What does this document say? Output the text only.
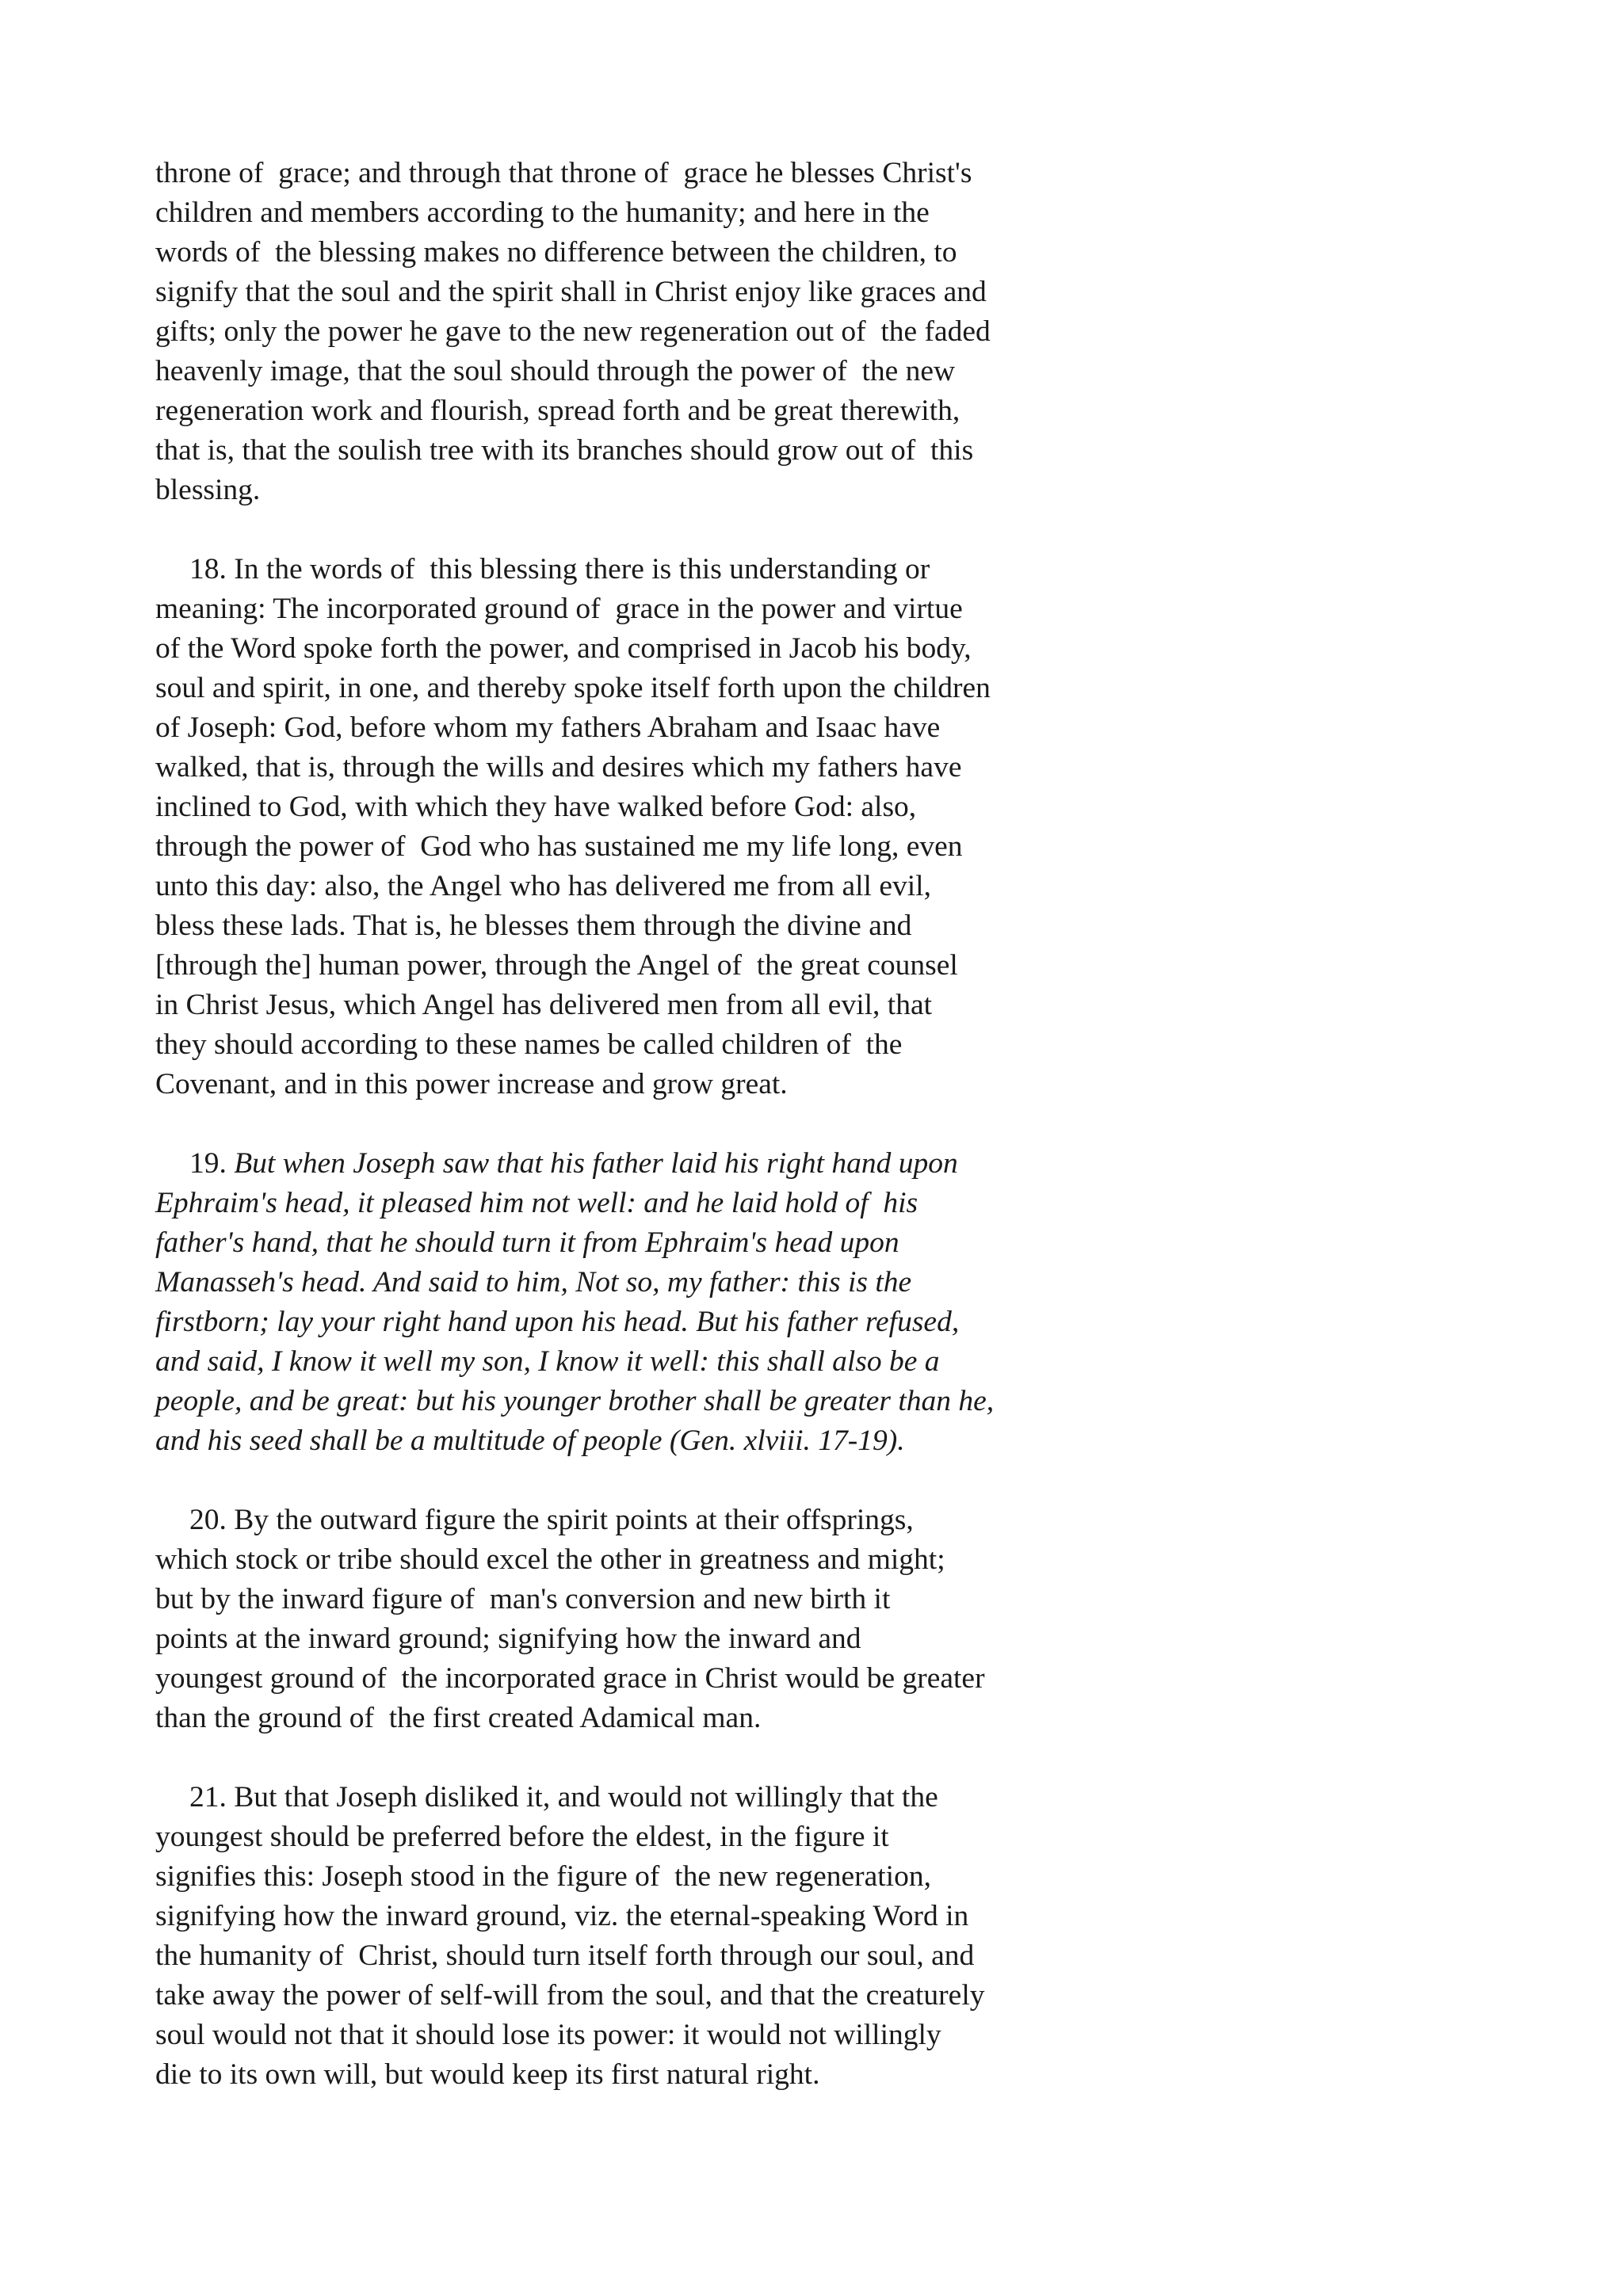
throne of  grace; and through that throne of  grace he blesses Christ's
children and members according to the humanity; and here in the
words of  the blessing makes no difference between the children, to
signify that the soul and the spirit shall in Christ enjoy like graces and
gifts; only the power he gave to the new regeneration out of  the faded
heavenly image, that the soul should through the power of  the new
regeneration work and flourish, spread forth and be great therewith,
that is, that the soulish tree with its branches should grow out of  this
blessing.
18. In the words of  this blessing there is this understanding or
meaning: The incorporated ground of  grace in the power and virtue
of the Word spoke forth the power, and comprised in Jacob his body,
soul and spirit, in one, and thereby spoke itself forth upon the children
of Joseph: God, before whom my fathers Abraham and Isaac have
walked, that is, through the wills and desires which my fathers have
inclined to God, with which they have walked before God: also,
through the power of  God who has sustained me my life long, even
unto this day: also, the Angel who has delivered me from all evil,
bless these lads. That is, he blesses them through the divine and
[through the] human power, through the Angel of  the great counsel
in Christ Jesus, which Angel has delivered men from all evil, that
they should according to these names be called children of  the
Covenant, and in this power increase and grow great.
19. But when Joseph saw that his father laid his right hand upon
Ephraim's head, it pleased him not well: and he laid hold of  his
father's hand, that he should turn it from Ephraim's head upon
Manasseh's head. And said to him, Not so, my father: this is the
firstborn; lay your right hand upon his head. But his father refused,
and said, I know it well my son, I know it well: this shall also be a
people, and be great: but his younger brother shall be greater than he,
and his seed shall be a multitude of people (Gen. xlviii. 17-19).
20. By the outward figure the spirit points at their offsprings,
which stock or tribe should excel the other in greatness and might;
but by the inward figure of  man's conversion and new birth it
points at the inward ground; signifying how the inward and
youngest ground of  the incorporated grace in Christ would be greater
than the ground of  the first created Adamical man.
21. But that Joseph disliked it, and would not willingly that the
youngest should be preferred before the eldest, in the figure it
signifies this: Joseph stood in the figure of  the new regeneration,
signifying how the inward ground, viz. the eternal-speaking Word in
the humanity of  Christ, should turn itself forth through our soul, and
take away the power of self-will from the soul, and that the creaturely
soul would not that it should lose its power: it would not willingly
die to its own will, but would keep its first natural right.
